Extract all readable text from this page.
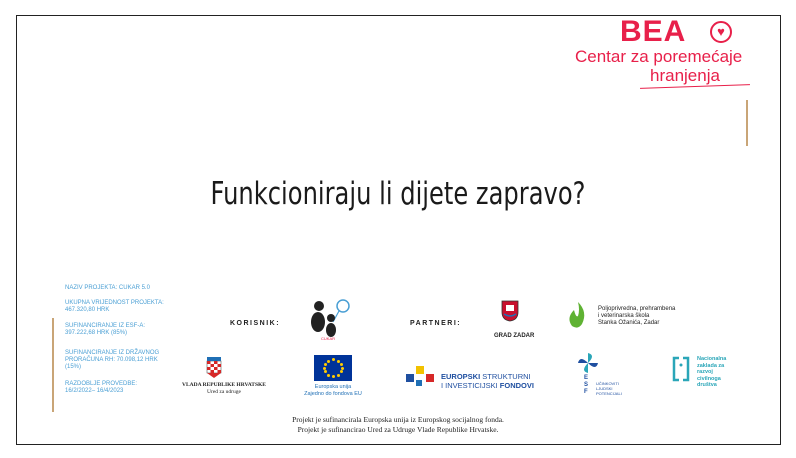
BEA	♥
Centar za poremećaje
hranjenja
Funkcioniraju li dijete zapravo?
NAZIV PROJEKTA: CUKAR 5.0
UKUPNA VRIJEDNOST PROJEKTA:
467.320,80 HRK
SUFINANCIRANJE IZ ESF-A:
397.222,68 HRK (85%)
SUFINANCIRANJE IZ DRŽAVNOG
PRORAČUNA RH: 70.098,12 HRK
(15%)
RAZDOBLJE PROVEDBE:
16/2/2022– 16/4/2023
KORISNIK:
CUKAR
PARTNERI:
GRAD ZADAR
Poljoprivredna, prehrambena
i veterinarska škola
Stanka Ožanića, Zadar
VLADA REPUBLIKE HRVATSKE
Ured za udruge
Europska unija
Zajedno do fondova EU
EUROPSKI STRUKTURNI
I INVESTICIJSKI FONDOVI
E
S
F
UČINKOVITI
LJUDSKI
POTENCIJALI
Nacionalna
zaklada za
razvoj
civilnoga
društva
Projekt je sufinancirala Europska unija iz Europskog socijalnog fonda.
Projekt je sufinancirao Ured za Udruge Vlade Republike Hrvatske.
